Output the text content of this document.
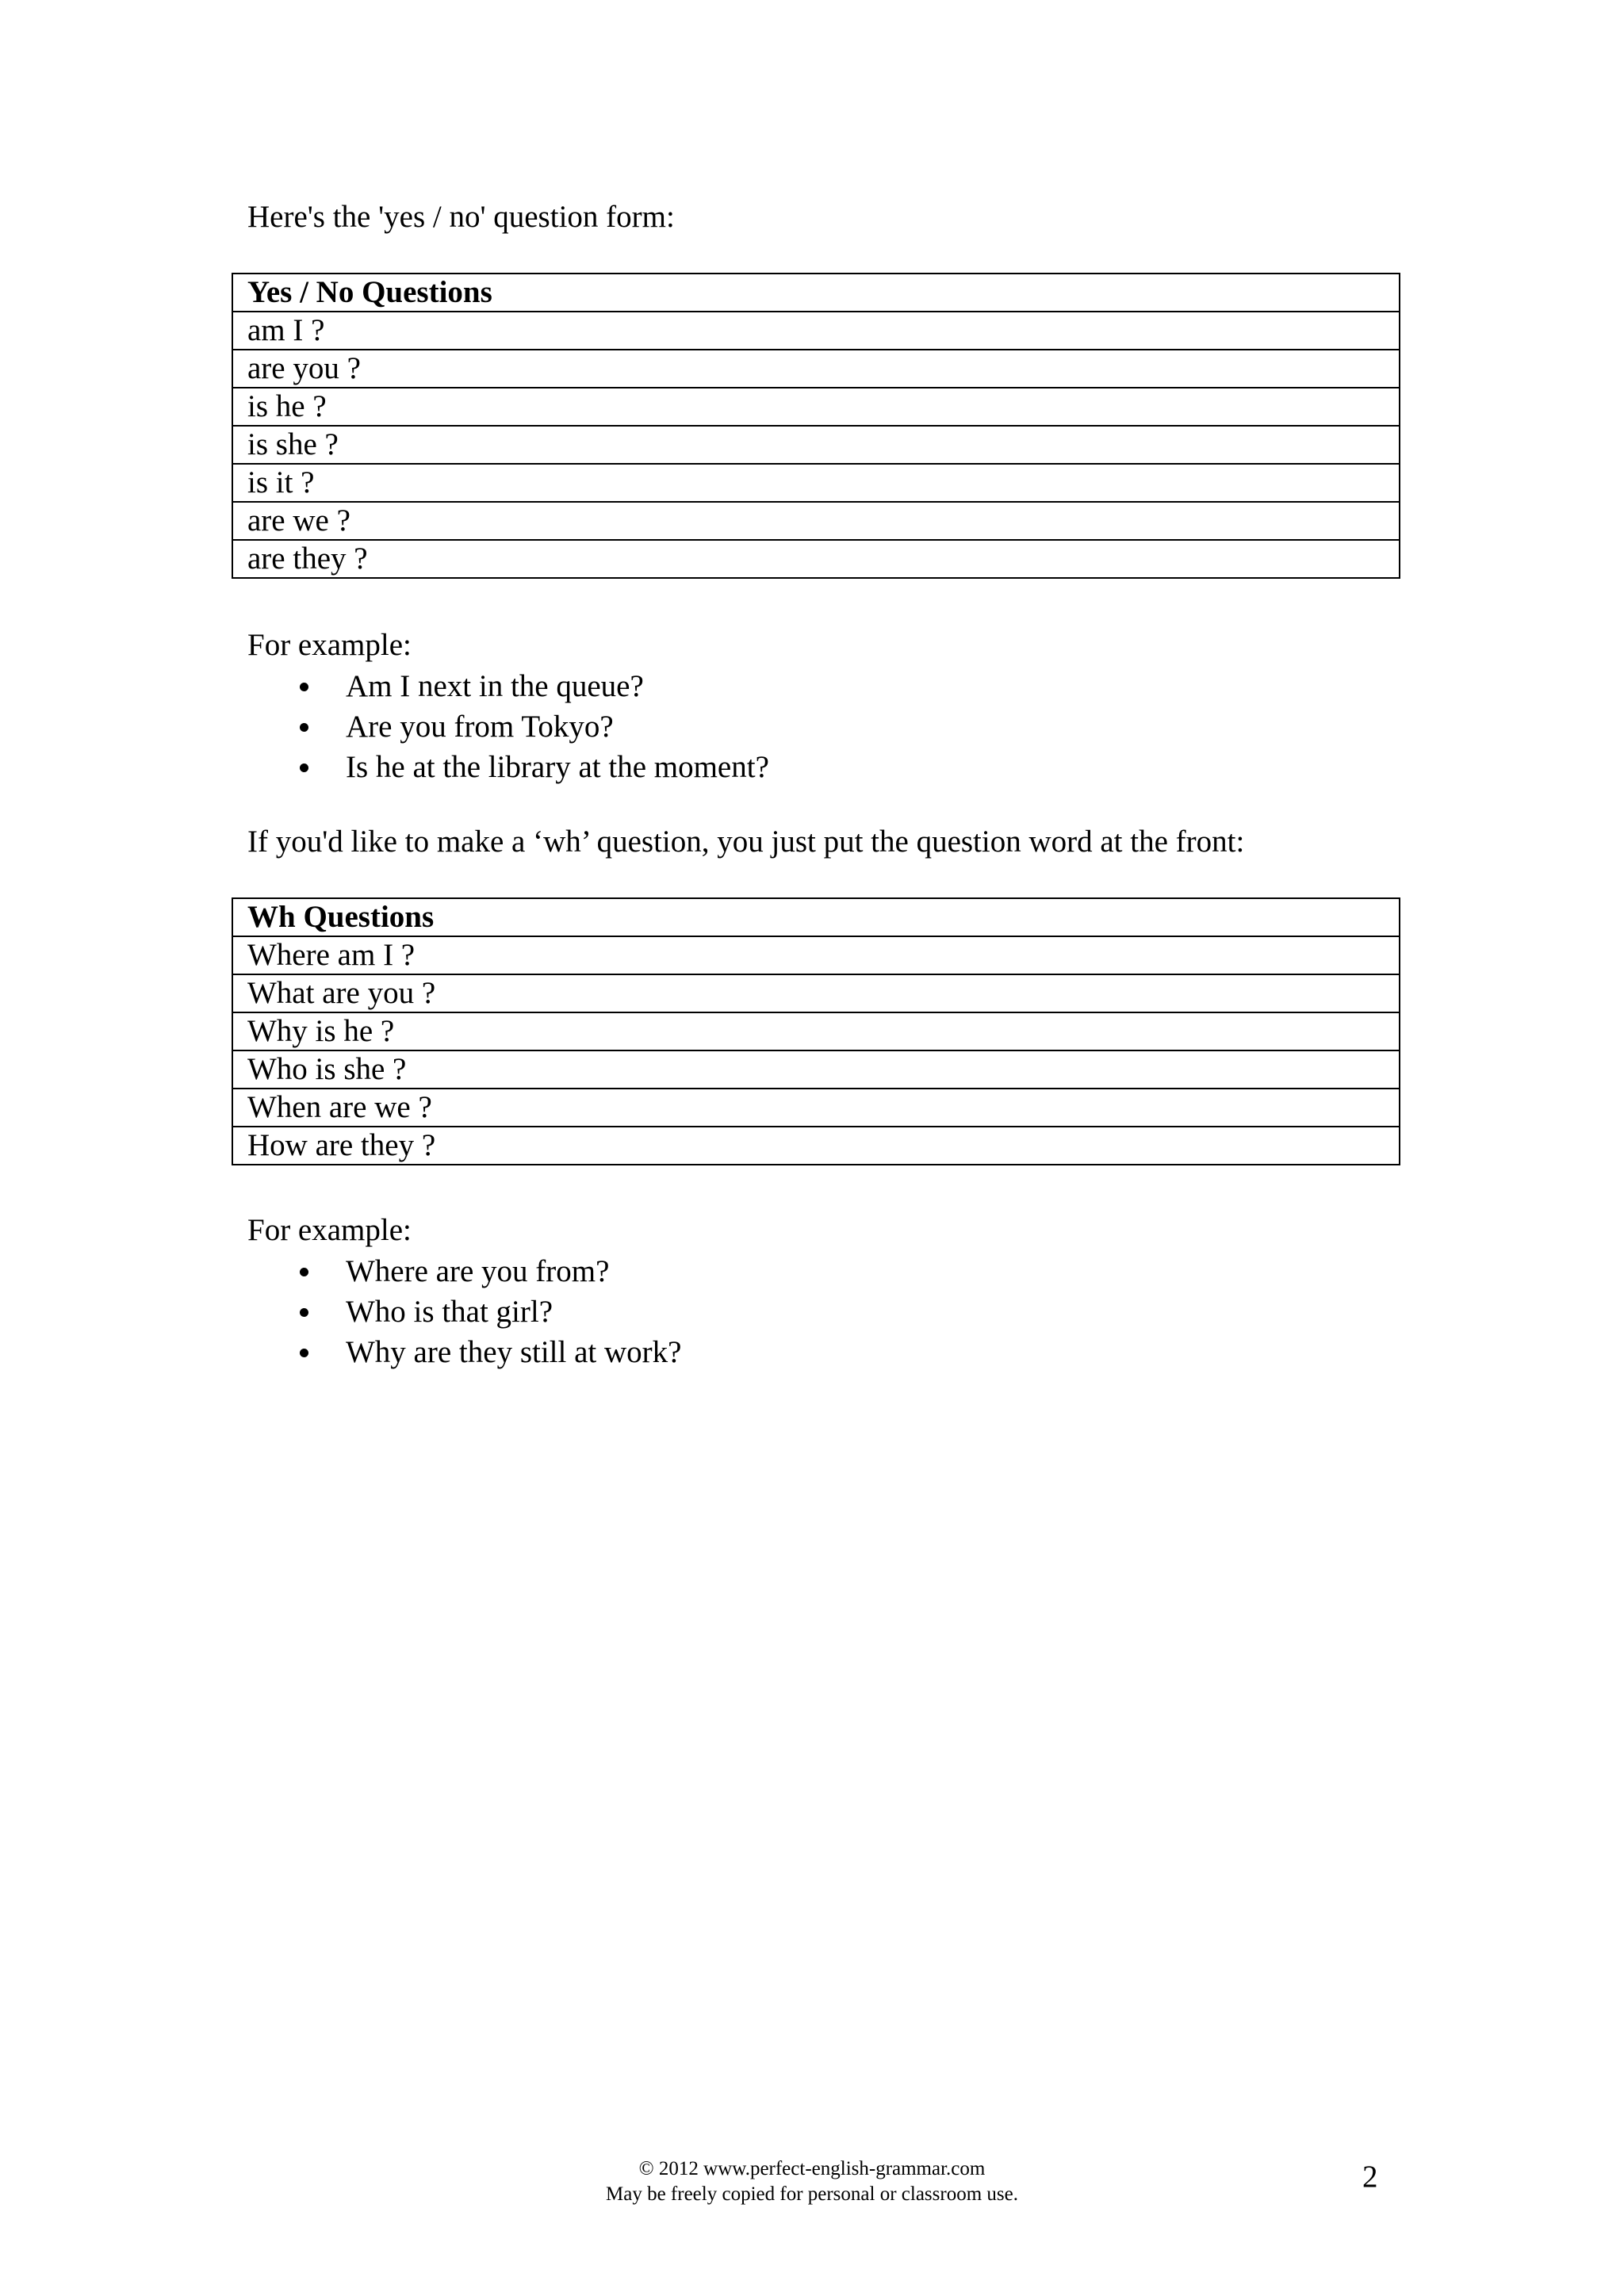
Here's the 'yes / no' question form:
Yes / No Questions
am I ?
are you ?
is he ?
is she ?
is it ?
are we ?
are they ?
For example:
Am I next in the queue?
Are you from Tokyo?
Is he at the library at the moment?
If you'd like to make a ‘wh’ question, you just put the question word at the front:
Wh Questions
Where am I ?
What are you ?
Why is he ?
Who is she ?
When are we ?
How are they ?
For example:
Where are you from?
Who is that girl?
Why are they still at work?
© 2012 www.perfect-english-grammar.com
May be freely copied for personal or classroom use.
2
